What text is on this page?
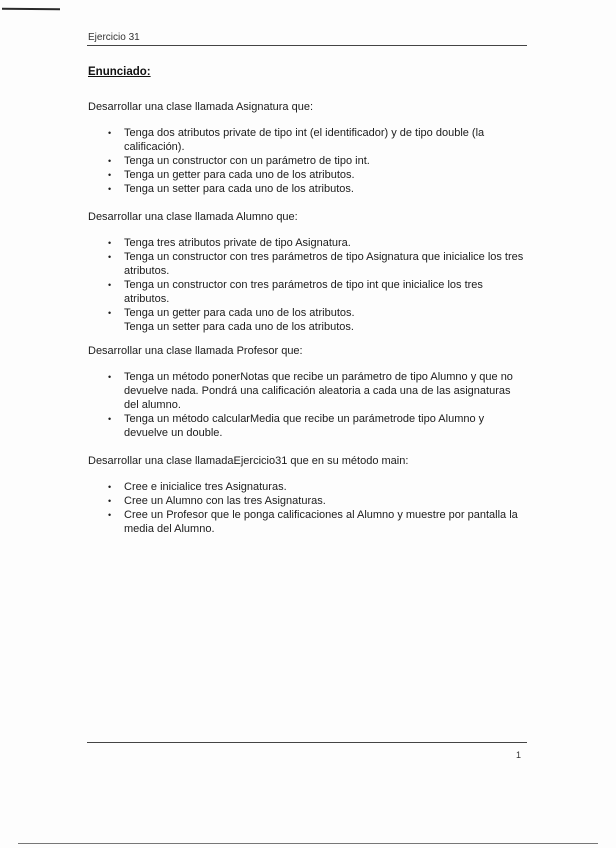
Ejercicio 31

Enunciado:

Desarrollar una clase llamada Asignatura que:

• Tenga dos atributos private de tipo int (el identificador) y de tipo double (la calificación).
• Tenga un constructor con un parámetro de tipo int.
• Tenga un getter para cada uno de los atributos.
• Tenga un setter para cada uno de los atributos.

Desarrollar una clase llamada Alumno que:

• Tenga tres atributos private de tipo Asignatura.
• Tenga un constructor con tres parámetros de tipo Asignatura que inicialice los tres atributos.
• Tenga un constructor con tres parámetros de tipo int que inicialice los tres atributos.
• Tenga un getter para cada uno de los atributos.
Tenga un setter para cada uno de los atributos.

Desarrollar una clase llamada Profesor que:

• Tenga un método ponerNotas que recibe un parámetro de tipo Alumno y que no devuelve nada. Pondrá una calificación aleatoria a cada una de las asignaturas del alumno.
• Tenga un método calcularMedia que recibe un parámetrode tipo Alumno y devuelve un double.

Desarrollar una clase llamadaEjercicio31 que en su método main:

• Cree e inicialice tres Asignaturas.
• Cree un Alumno con las tres Asignaturas.
• Cree un Profesor que le ponga calificaciones al Alumno y muestre por pantalla la media del Alumno.
1
